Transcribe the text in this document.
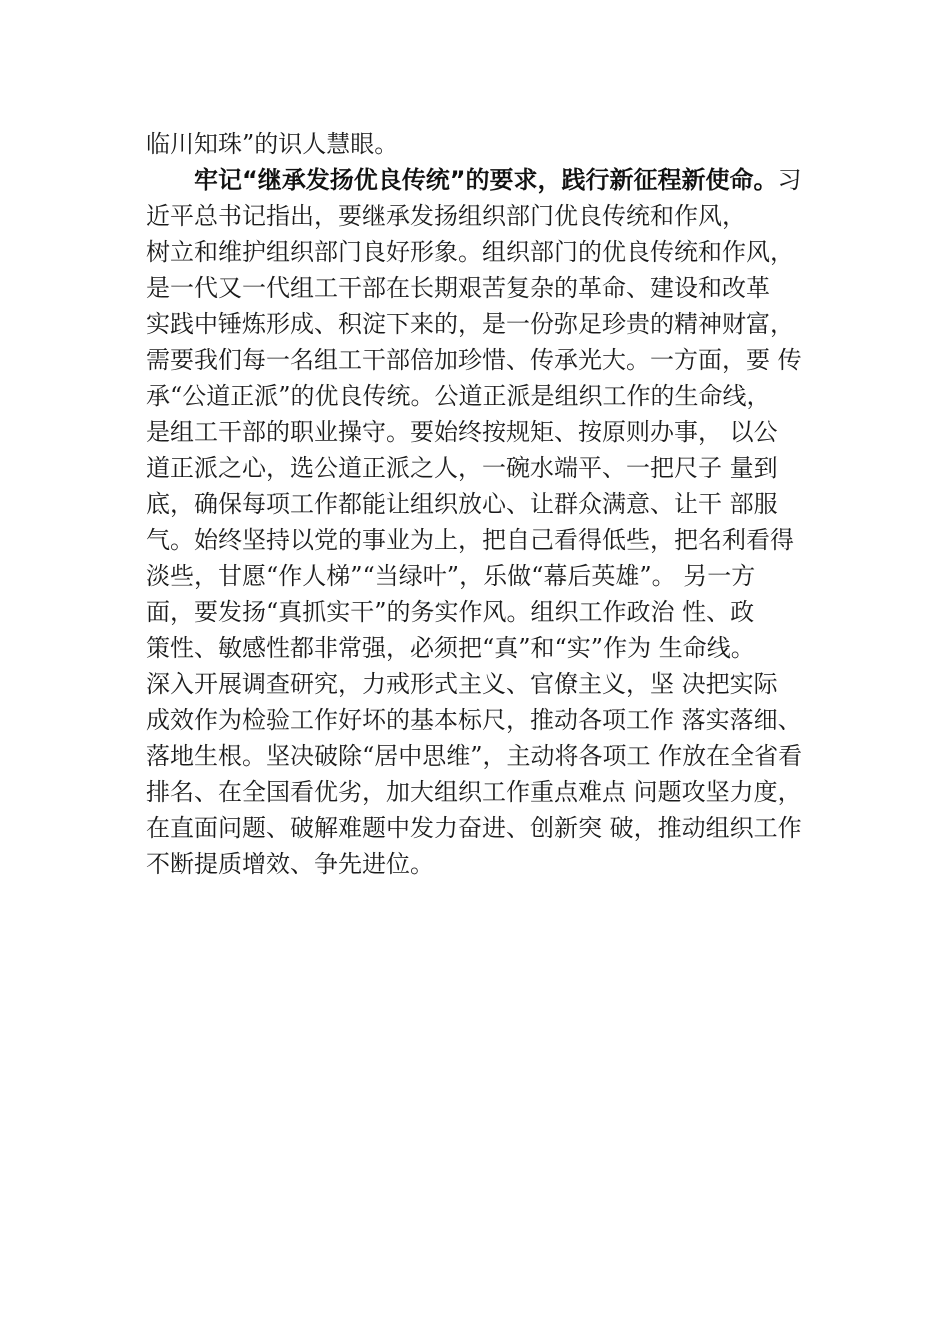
临川知珠”的识人慧眼。
牢记“继承发扬优良传统”的要求，践行新征程新使命。习
近平总书记指出，要继承发扬组织部门优良传统和作风，
树立和维护组织部门良好形象。组织部门的优良传统和作风，
是一代又一代组工干部在长期艰苦复杂的革命、建设和改革
实践中锤炼形成、积淀下来的，是一份弥足珍贵的精神财富，
需要我们每一名组工干部倍加珍惜、传承光大。一方面，要 传
承“公道正派”的优良传统。公道正派是组织工作的生命线，
是组工干部的职业操守。要始终按规矩、按原则办事， 以公
道正派之心，选公道正派之人，一碗水端平、一把尺子 量到
底，确保每项工作都能让组织放心、让群众满意、让干 部服
气。始终坚持以党的事业为上，把自己看得低些，把名利看得
淡些，甘愿“作人梯”“当绿叶”，乐做“幕后英雄”。 另一方
面，要发扬“真抓实干”的务实作风。组织工作政治 性、政
策性、敏感性都非常强，必须把“真”和“实”作为 生命线。
深入开展调查研究，力戒形式主义、官僚主义，坚 决把实际
成效作为检验工作好坏的基本标尺，推动各项工作 落实落细、
落地生根。坚决破除“居中思维”，主动将各项工 作放在全省看
排名、在全国看优劣，加大组织工作重点难点 问题攻坚力度，
在直面问题、破解难题中发力奋进、创新突 破，推动组织工作
不断提质增效、争先进位。
